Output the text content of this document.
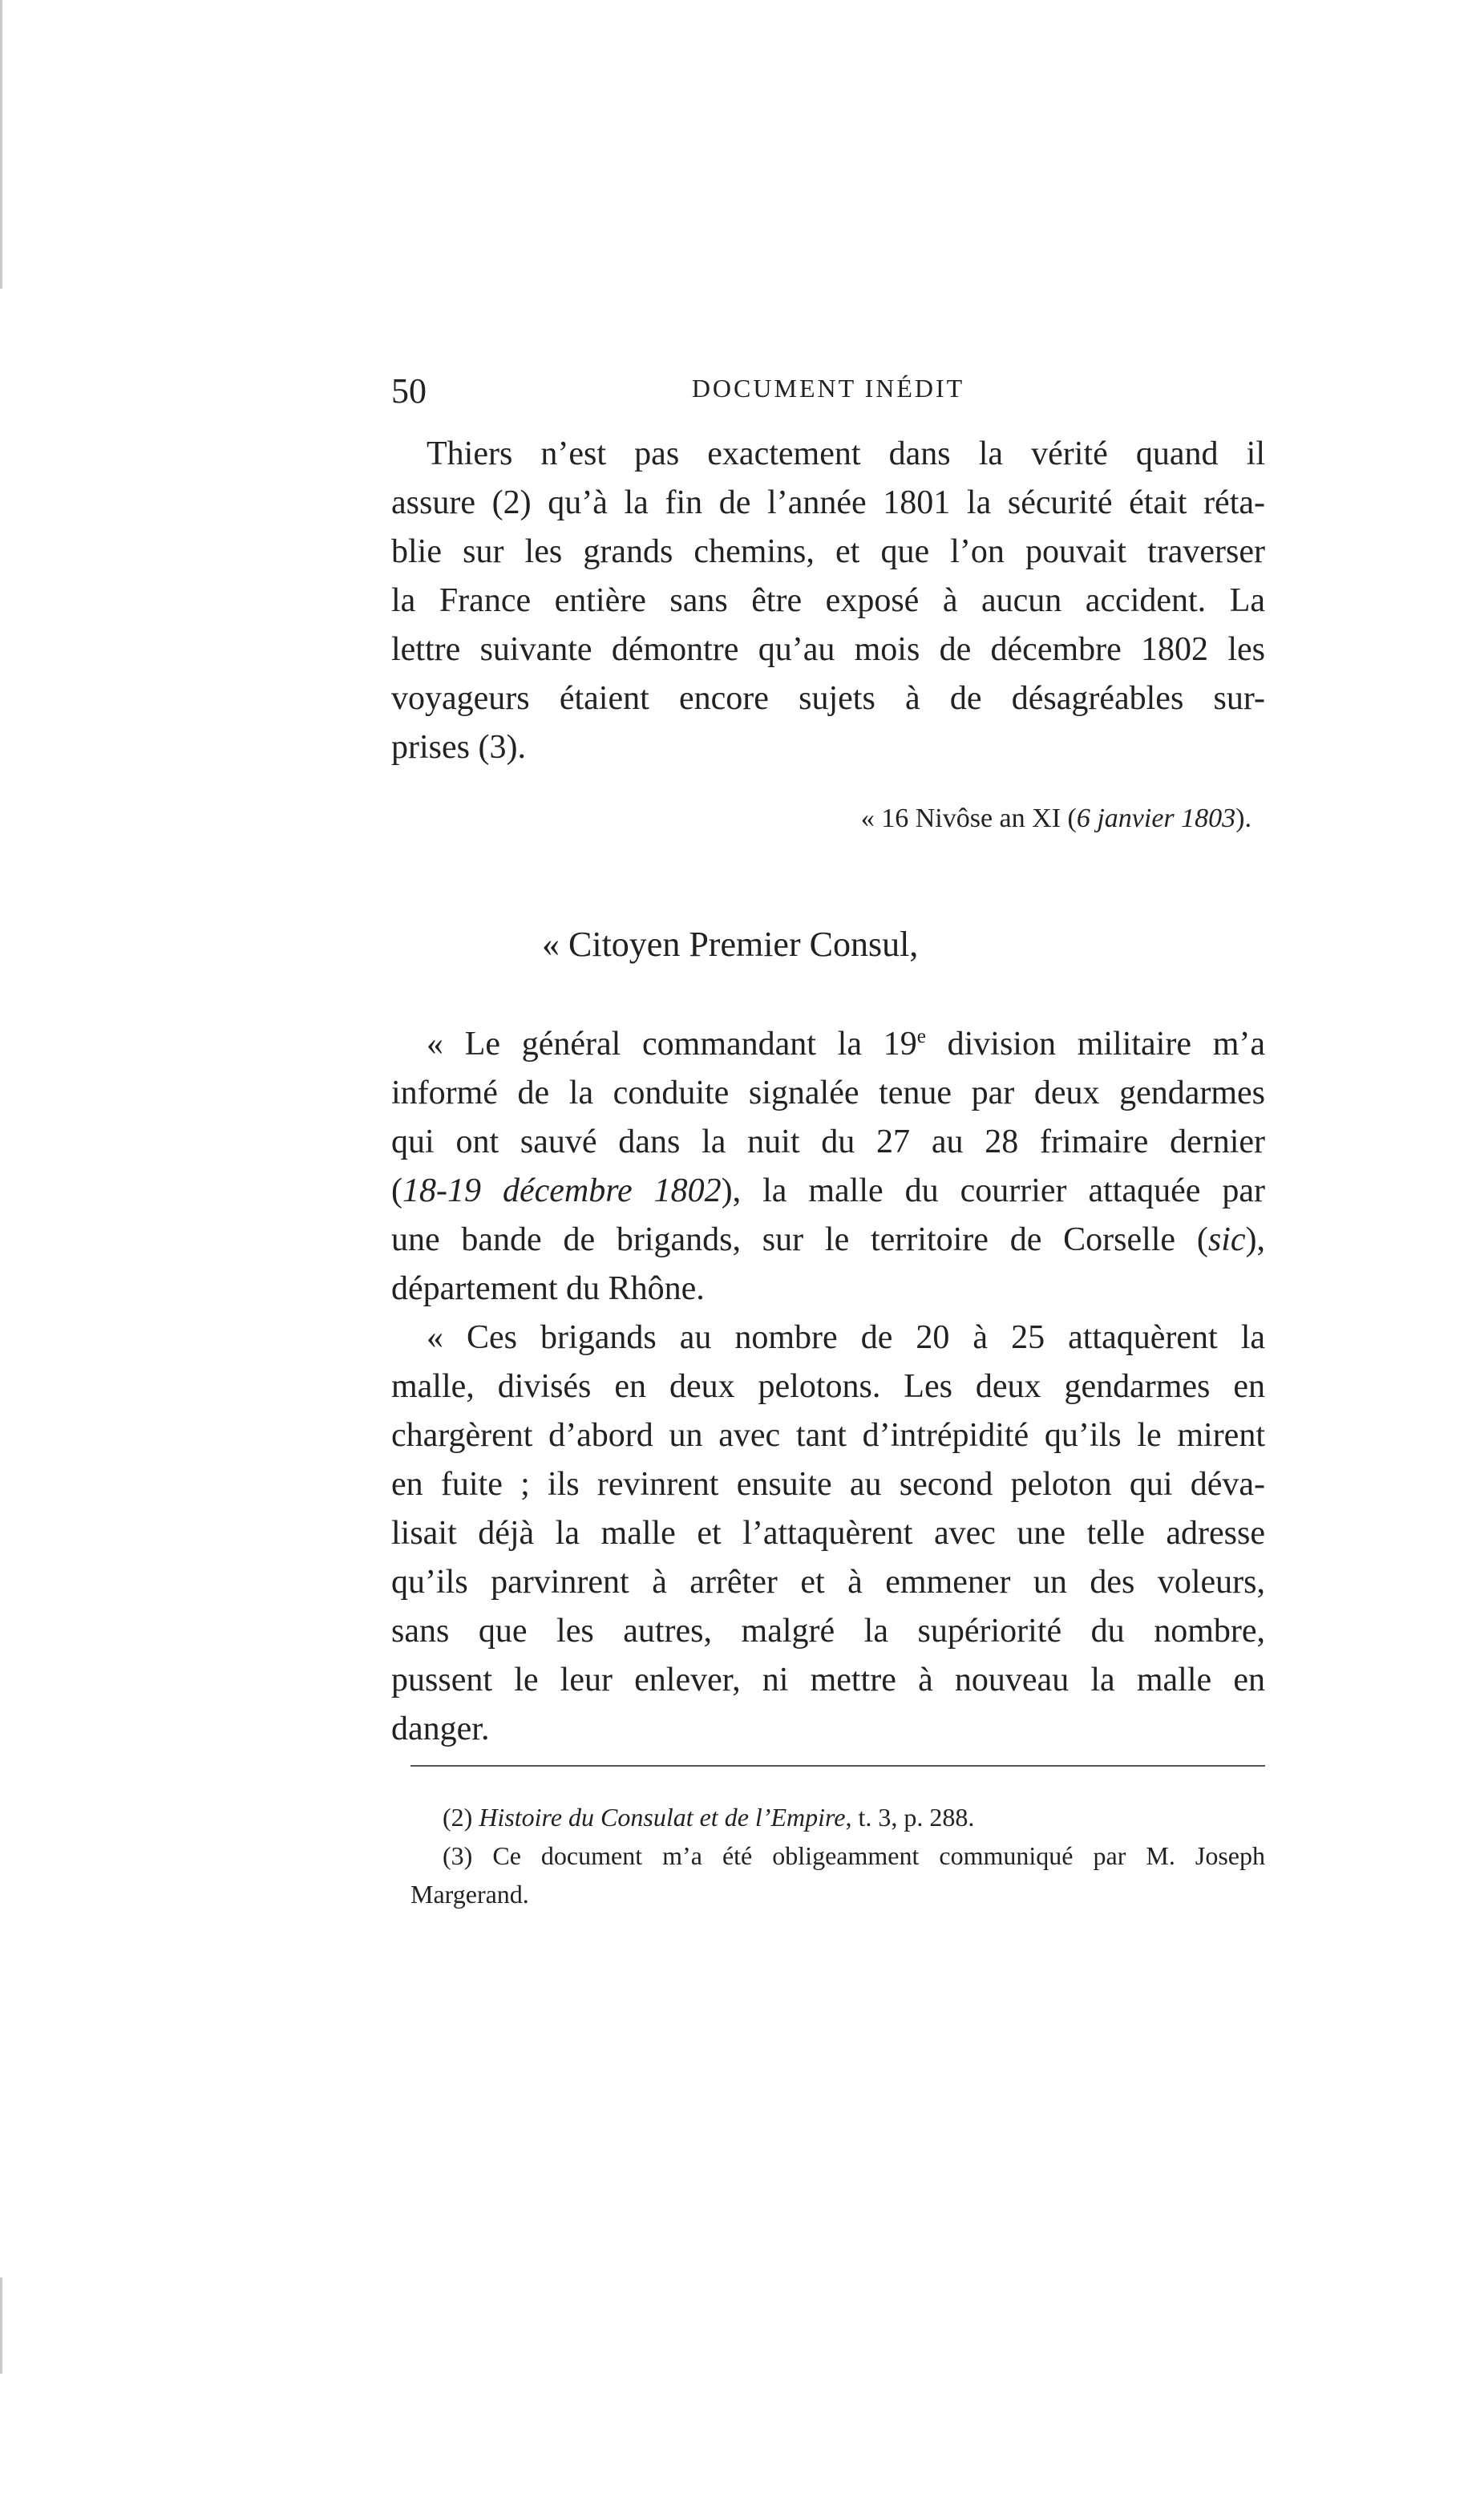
50	DOCUMENT INÉDIT
Thiers n’est pas exactement dans la vérité quand il
assure (2) qu’à la fin de l’année 1801 la sécurité était réta-
blie sur les grands chemins, et que l’on pouvait traverser
la France entière sans être exposé à aucun accident. La
lettre suivante démontre qu’au mois de décembre 1802 les
voyageurs étaient encore sujets à de désagréables sur-
prises (3).
« 16 Nivôse an XI (6 janvier 1803).
« Citoyen Premier Consul,
« Le général commandant la 19e division militaire m’a
informé de la conduite signalée tenue par deux gendarmes
qui ont sauvé dans la nuit du 27 au 28 frimaire dernier
(18-19 décembre 1802), la malle du courrier attaquée par
une bande de brigands, sur le territoire de Corselle (sic),
département du Rhône.
« Ces brigands au nombre de 20 à 25 attaquèrent la
malle, divisés en deux pelotons. Les deux gendarmes en
chargèrent d’abord un avec tant d’intrépidité qu’ils le mirent
en fuite ; ils revinrent ensuite au second peloton qui déva-
lisait déjà la malle et l’attaquèrent avec une telle adresse
qu’ils parvinrent à arrêter et à emmener un des voleurs,
sans que les autres, malgré la supériorité du nombre,
pussent le leur enlever, ni mettre à nouveau la malle en
danger.
(2) Histoire du Consulat et de l’Empire, t. 3, p. 288.
(3) Ce document m’a été obligeamment communiqué par M. Joseph
Margerand.
